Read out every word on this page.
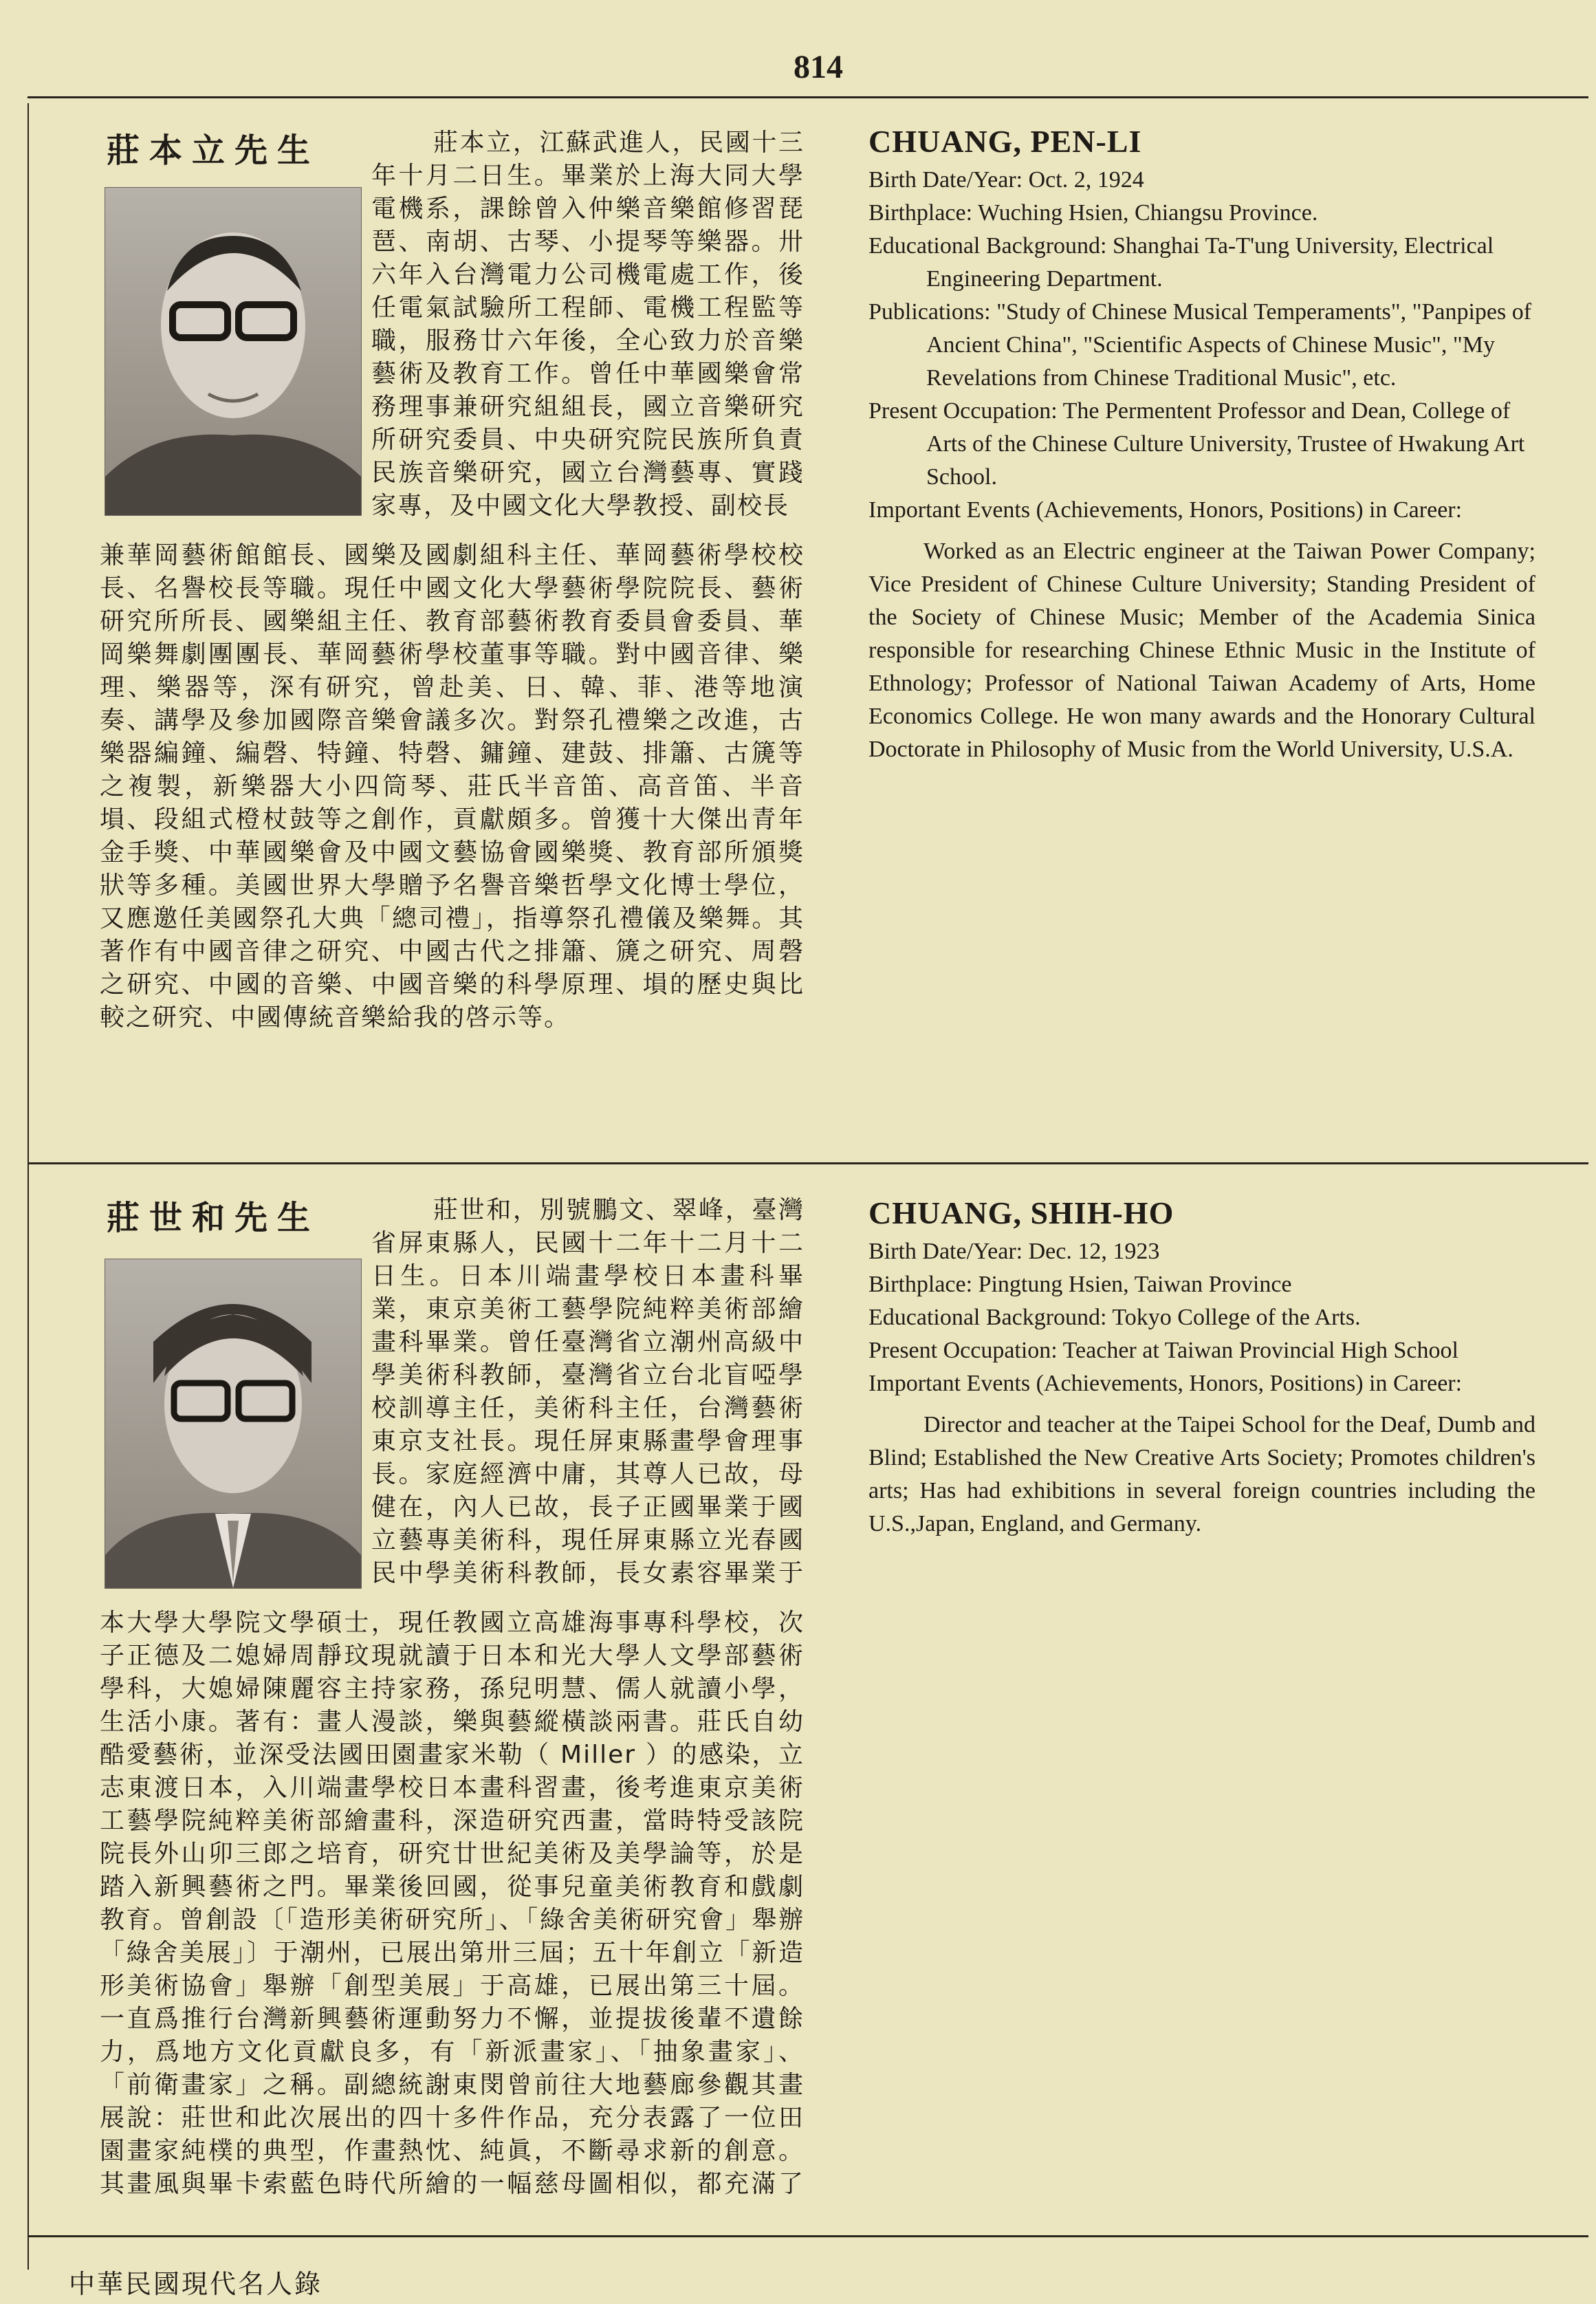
814
莊本立先生	莊本立，江蘇武進人，民國十三年十月二日生。畢業於上海大同大學電機系，課餘曾入仲樂音樂館修習琵琶、南胡、古琴、小提琴等樂器。卅六年入台灣電力公司機電處工作，後任電氣試驗所工程師、電機工程監等職，服務廿六年後，全心致力於音樂藝術及教育工作。曾任中華國樂會常務理事兼研究組組長，國立音樂研究所研究委員、中央研究院民族所負責民族音樂研究，國立台灣藝專、實踐家專，及中國文化大學教授、副校長
兼華岡藝術館館長、國樂及國劇組科主任、華岡藝術學校校長、名譽校長等職。現任中國文化大學藝術學院院長、藝術研究所所長、國樂組主任、教育部藝術教育委員會委員、華岡樂舞劇團團長、華岡藝術學校董事等職。對中國音律、樂理、樂器等，深有研究，曾赴美、日、韓、菲、港等地演奏、講學及參加國際音樂會議多次。對祭孔禮樂之改進，古樂器編鐘、編磬、特鐘、特磬、鏞鐘、建鼓、排簫、古篪等之複製，新樂器大小四筒琴、莊氏半音笛、高音笛、半音塤、段組式橙杖鼓等之創作，貢獻頗多。曾獲十大傑出青年金手獎、中華國樂會及中國文藝協會國樂獎、教育部所頒獎狀等多種。美國世界大學贈予名譽音樂哲學文化博士學位，又應邀任美國祭孔大典「總司禮」，指導祭孔禮儀及樂舞。其著作有中國音律之研究、中國古代之排簫、篪之研究、周磬之研究、中國的音樂、中國音樂的科學原理、塤的歷史與比較之研究、中國傳統音樂給我的啓示等。
CHUANG, PEN-LI

Birth Date/Year: Oct. 2, 1924

Birthplace: Wuching Hsien, Chiangsu Province.

Educational Background: Shanghai Ta-T'ung University, Electrical Engineering Department.

Publications: "Study of Chinese Musical Temperaments", "Panpipes of Ancient China", "Scientific Aspects of Chinese Music", "My Revelations from Chinese Traditional Music", etc.

Present Occupation: The Permentent Professor and Dean, College of Arts of the Chinese Culture University, Trustee of Hwakung Art School.

Important Events (Achievements, Honors, Positions) in Career:

Worked as an Electric engineer at the Taiwan Power Company; Vice President of Chinese Culture University; Standing President of the Society of Chinese Music; Member of the Academia Sinica responsible for researching Chinese Ethnic Music in the Institute of Ethnology; Professor of National Taiwan Academy of Arts, Home Economics College. He won many awards and the Honorary Cultural Doctorate in Philosophy of Music from the World University, U.S.A.

莊世和先生	莊世和，別號鵬文、翠峰，臺灣省屏東縣人，民國十二年十二月十二日生。日本川端畫學校日本畫科畢業，東京美術工藝學院純粹美術部繪畫科畢業。曾任臺灣省立潮州高級中學美術科教師，臺灣省立台北盲啞學校訓導主任，美術科主任，台灣藝術東京支社長。現任屏東縣畫學會理事長。家庭經濟中庸，其尊人已故，母健在，內人已故，長子正國畢業于國立藝專美術科，現任屏東縣立光春國民中學美術科教師，長女素容畢業于
本大學大學院文學碩士，現任教國立高雄海事專科學校，次子正德及二媳婦周靜玟現就讀于日本和光大學人文學部藝術學科，大媳婦陳麗容主持家務，孫兒明慧、儒人就讀小學，生活小康。著有：畫人漫談，樂與藝縱橫談兩書。莊氏自幼酷愛藝術，並深受法國田園畫家米勒（ Miller ）的感染，立志東渡日本，入川端畫學校日本畫科習畫，後考進東京美術工藝學院純粹美術部繪畫科，深造研究西畫，當時特受該院院長外山卯三郎之培育，研究廿世紀美術及美學論等，於是踏入新興藝術之門。畢業後回國，從事兒童美術教育和戲劇教育。曾創設〔「造形美術研究所」、「綠舍美術研究會」舉辦「綠舍美展」〕于潮州，已展出第卅三屆；五十年創立「新造形美術協會」舉辦「創型美展」于高雄，已展出第三十屆。一直爲推行台灣新興藝術運動努力不懈，並提拔後輩不遺餘力，爲地方文化貢獻良多，有「新派畫家」、「抽象畫家」、「前衛畫家」之稱。副總統謝東閔曾前往大地藝廊參觀其畫展說：莊世和此次展出的四十多件作品，充分表露了一位田園畫家純樸的典型，作畫熱忱、純眞，不斷尋求新的創意。其畫風與畢卡索藍色時代所繪的一幅慈母圖相似，都充滿了
CHUANG, SHIH-HO

Birth Date/Year: Dec. 12, 1923

Birthplace: Pingtung Hsien, Taiwan Province

Educational Background: Tokyo College of the Arts.

Present Occupation: Teacher at Taiwan Provincial High School

Important Events (Achievements, Honors, Positions) in Career:

Director and teacher at the Taipei School for the Deaf, Dumb and Blind; Established the New Creative Arts Society; Promotes children's arts; Has had exhibitions in several foreign countries including the U.S.,Japan, England, and Germany.

中華民國現代名人錄
